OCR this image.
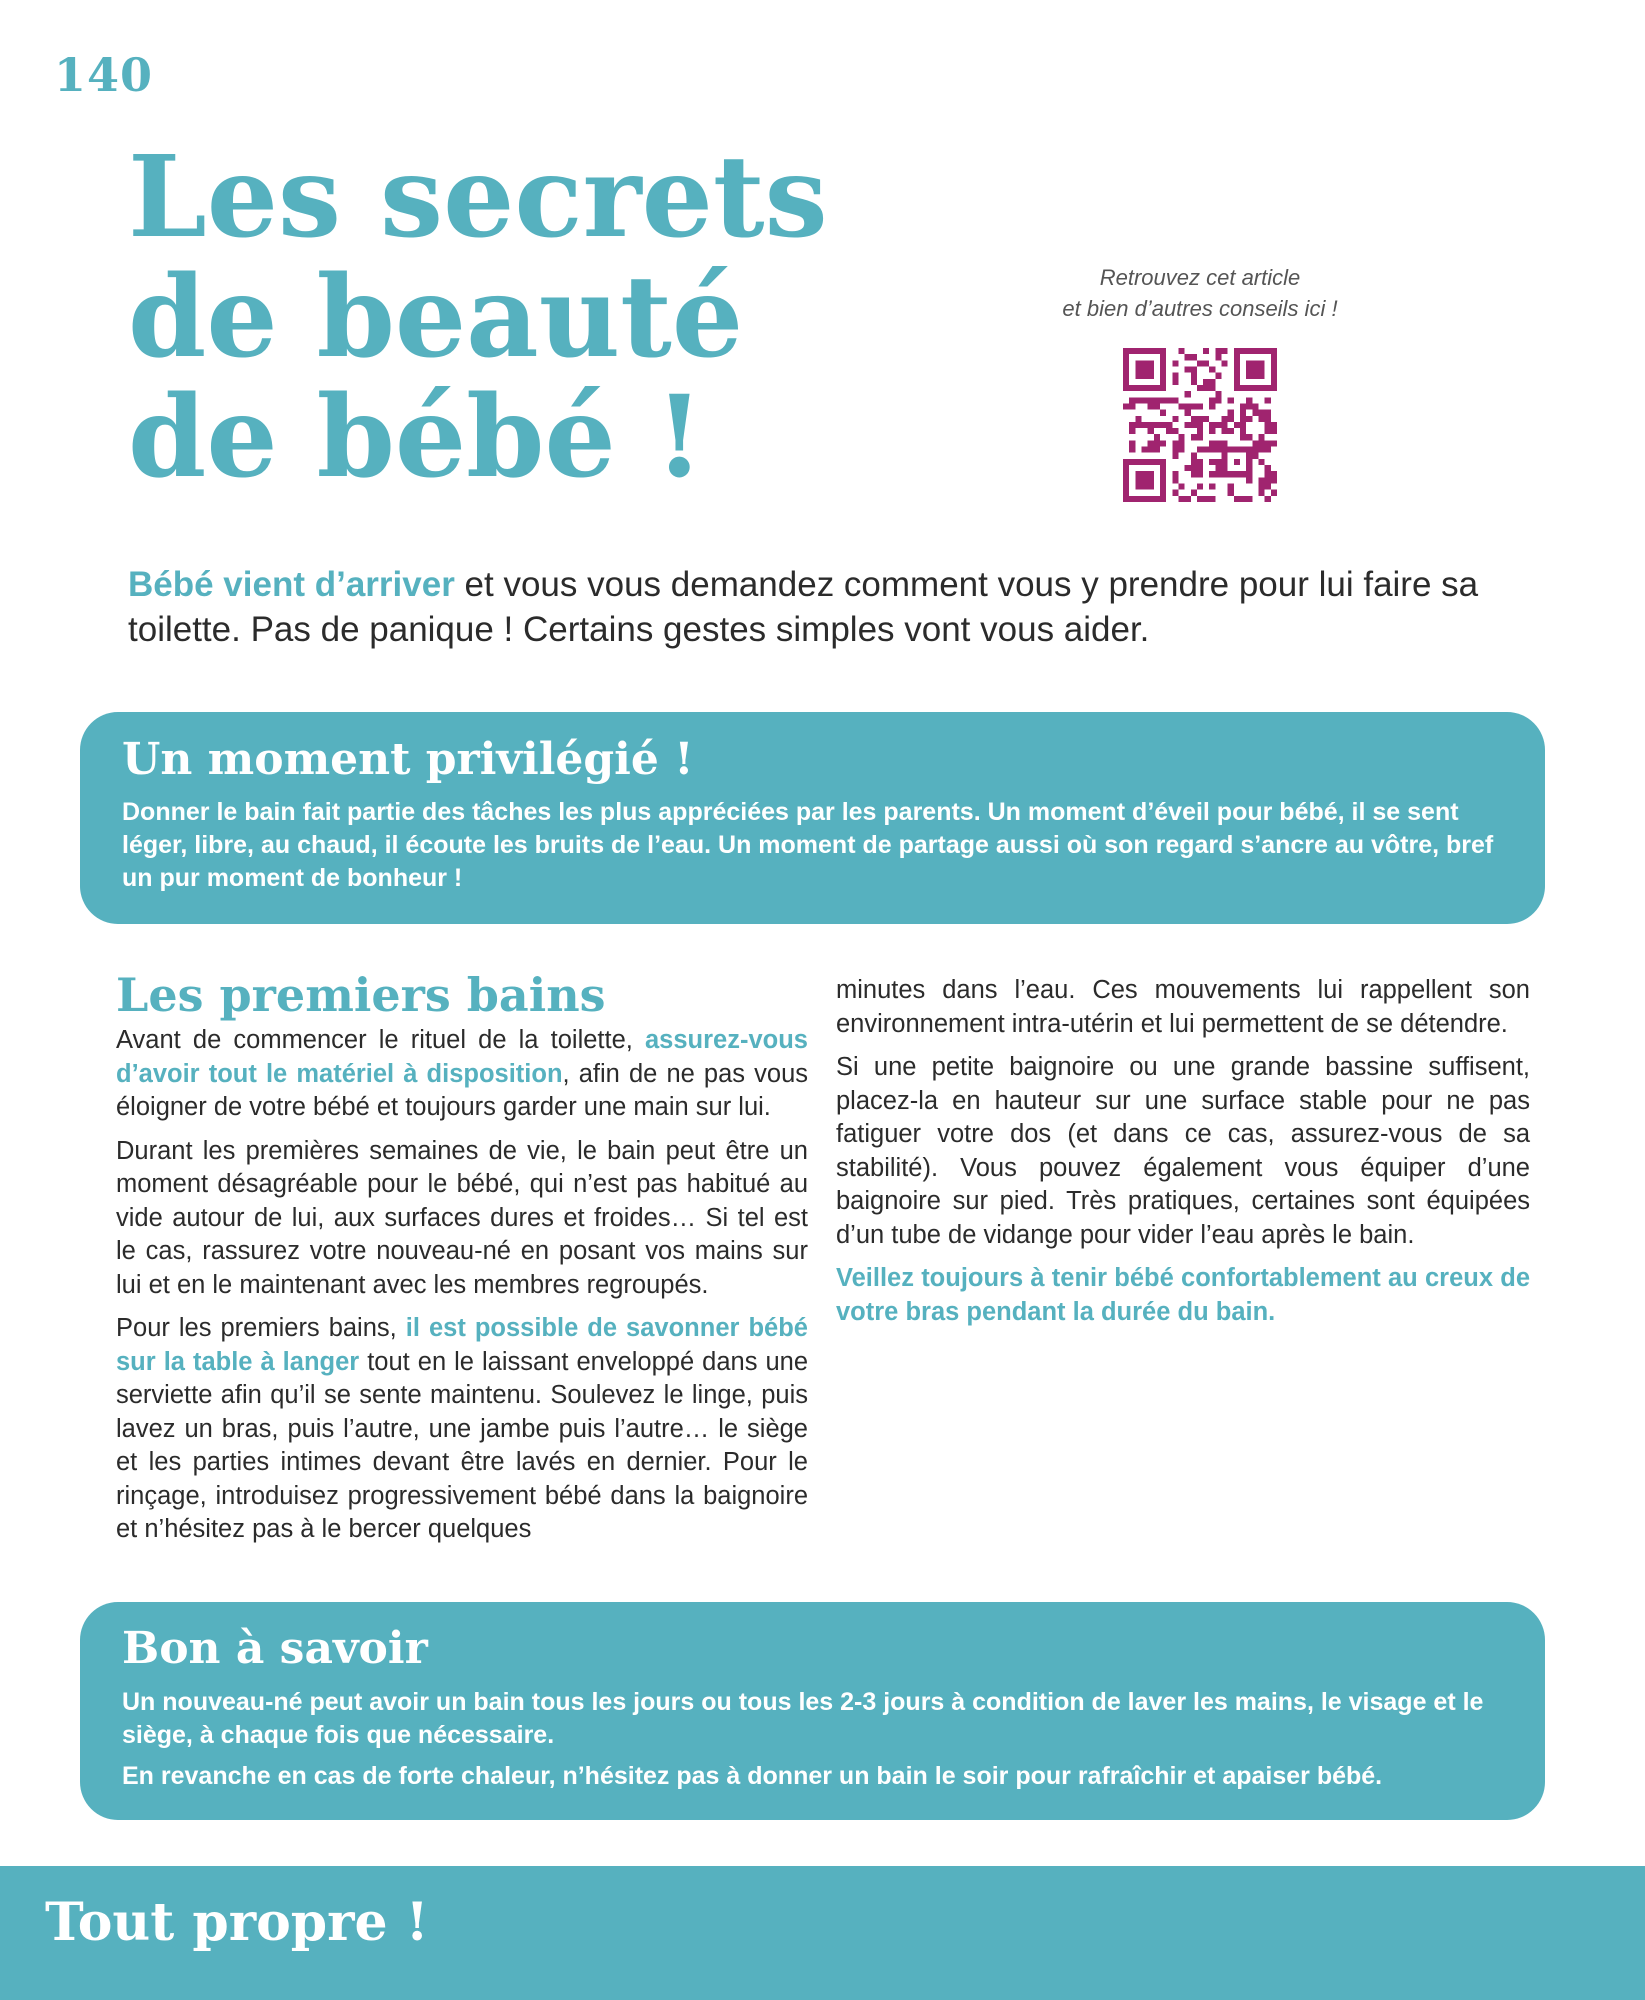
140
Les secrets
de beauté
de bébé !
Retrouvez cet article
et bien d’autres conseils ici !

Bébé vient d’arriver et vous vous demandez comment vous y prendre pour lui faire sa toilette. Pas de panique ! Certains gestes simples vont vous aider.

Un moment privilégié !

Donner le bain fait partie des tâches les plus appréciées par les parents. Un moment d’éveil pour bébé, il se sent léger, libre, au chaud, il écoute les bruits de l’eau. Un moment de partage aussi où son regard s’ancre au vôtre, bref un pur moment de bonheur !

Les premiers bains

Avant de commencer le rituel de la toilette, assurez-vous d’avoir tout le matériel à disposition, afin de ne pas vous éloigner de votre bébé et toujours garder une main sur lui.

Durant les premières semaines de vie, le bain peut être un moment désagréable pour le bébé, qui n’est pas habitué au vide autour de lui, aux surfaces dures et froides… Si tel est le cas, rassurez votre nouveau-né en posant vos mains sur lui et en le maintenant avec les membres regroupés.

Pour les premiers bains, il est possible de savonner bébé sur la table à langer tout en le laissant enveloppé dans une serviette afin qu’il se sente maintenu. Soulevez le linge, puis lavez un bras, puis l’autre, une jambe puis l’autre… le siège et les parties intimes devant être lavés en dernier. Pour le rinçage, introduisez progressivement bébé dans la baignoire et n’hésitez pas à le bercer quelques

minutes dans l’eau. Ces mouvements lui rappellent son environnement intra-utérin et lui permettent de se détendre.

Si une petite baignoire ou une grande bassine suffisent, placez-la en hauteur sur une surface stable pour ne pas fatiguer votre dos (et dans ce cas, assurez-vous de sa stabilité). Vous pouvez également vous équiper d’une baignoire sur pied. Très pratiques, certaines sont équipées d’un tube de vidange pour vider l’eau après le bain.

Veillez toujours à tenir bébé confortablement au creux de votre bras pendant la durée du bain.

Bon à savoir

Un nouveau-né peut avoir un bain tous les jours ou tous les 2-3 jours à condition de laver les mains, le visage et le siège, à chaque fois que nécessaire.

En revanche en cas de forte chaleur, n’hésitez pas à donner un bain le soir pour rafraîchir et apaiser bébé.

Tout propre !
